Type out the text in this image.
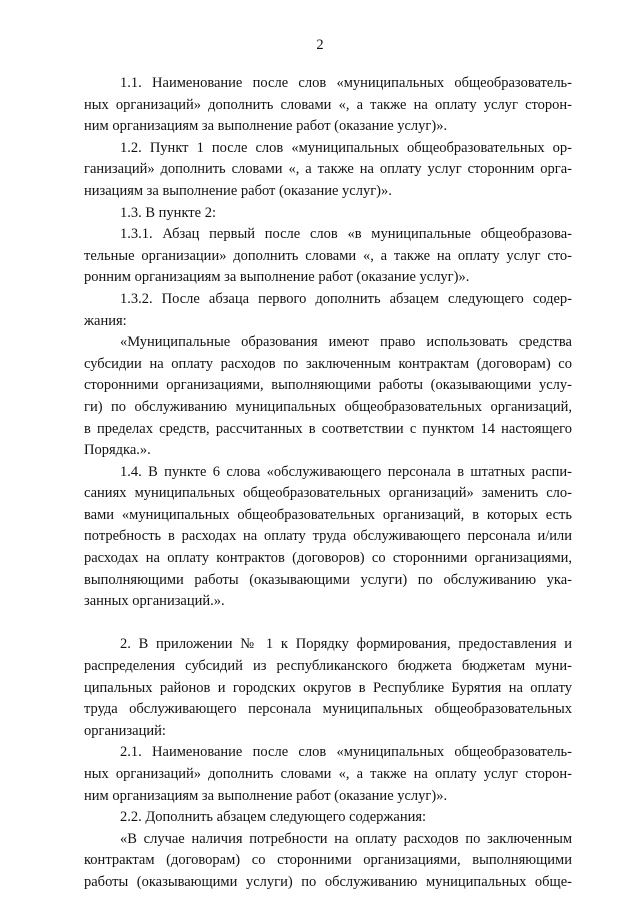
2
1.1. Наименование после слов «муниципальных общеобразователь-
ных организаций» дополнить словами «, а также на оплату услуг сторон-
ним организациям за выполнение работ (оказание услуг)».
1.2. Пункт 1 после слов «муниципальных общеобразовательных ор-
ганизаций» дополнить словами «, а также на оплату услуг сторонним орга-
низациям за выполнение работ (оказание услуг)».
1.3. В пункте 2:
1.3.1. Абзац первый после слов «в муниципальные общеобразова-
тельные организации» дополнить словами «, а также на оплату услуг сто-
ронним организациям за выполнение работ (оказание услуг)».
1.3.2. После абзаца первого дополнить абзацем следующего содер-
жания:
«Муниципальные образования имеют право использовать средства
субсидии на оплату расходов по заключенным контрактам (договорам) со
сторонними организациями, выполняющими работы (оказывающими услу-
ги) по обслуживанию муниципальных общеобразовательных организаций,
в пределах средств, рассчитанных в соответствии с пунктом 14 настоящего
Порядка.».
1.4. В пункте 6 слова «обслуживающего персонала в штатных распи-
саниях муниципальных общеобразовательных организаций» заменить сло-
вами «муниципальных общеобразовательных организаций, в которых есть
потребность в расходах на оплату труда обслуживающего персонала и/или
расходах на оплату контрактов (договоров) со сторонними организациями,
выполняющими работы (оказывающими услуги) по обслуживанию ука-
занных организаций.».
2. В приложении № 1 к Порядку формирования, предоставления и
распределения субсидий из республиканского бюджета бюджетам муни-
ципальных районов и городских округов в Республике Бурятия на оплату
труда обслуживающего персонала муниципальных общеобразовательных
организаций:
2.1. Наименование после слов «муниципальных общеобразователь-
ных организаций» дополнить словами «, а также на оплату услуг сторон-
ним организациям за выполнение работ (оказание услуг)».
2.2. Дополнить абзацем следующего содержания:
«В случае наличия потребности на оплату расходов по заключенным
контрактам (договорам) со сторонними организациями, выполняющими
работы (оказывающими услуги) по обслуживанию муниципальных обще-
